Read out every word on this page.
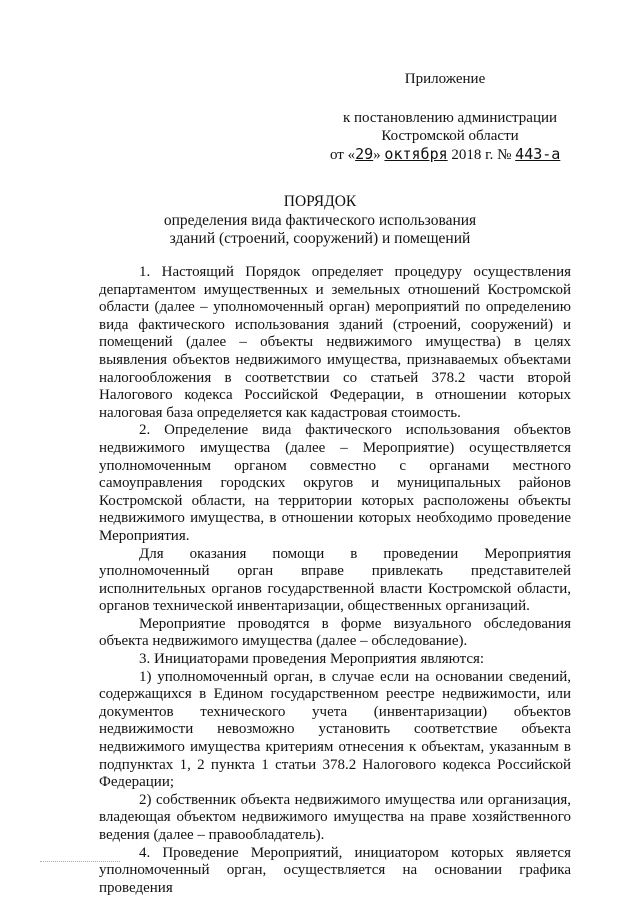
Приложение
к постановлению администрации
Костромской области
от «29» октября 2018 г. № 443-а
ПОРЯДОК
определения вида фактического использования
зданий (строений, сооружений) и помещений

1. Настоящий Порядок определяет процедуру осуществления департаментом имущественных и земельных отношений Костромской области (далее – уполномоченный орган) мероприятий по определению вида фактического использования зданий (строений, сооружений) и помещений (далее – объекты недвижимого имущества) в целях выявления объектов недвижимого имущества, признаваемых объектами налогообложения в соответствии со статьей 378.2 части второй Налогового кодекса Российской Федерации, в отношении которых налоговая база определяется как кадастровая стоимость.

2. Определение вида фактического использования объектов недвижимого имущества (далее – Мероприятие) осуществляется уполномоченным органом совместно с органами местного самоуправления городских округов и муниципальных районов Костромской области, на территории которых расположены объекты недвижимого имущества, в отношении которых необходимо проведение Мероприятия.

Для оказания помощи в проведении Мероприятия уполномоченный орган вправе привлекать представителей исполнительных органов государственной власти Костромской области, органов технической инвентаризации, общественных организаций.

Мероприятие проводятся в форме визуального обследования объекта недвижимого имущества (далее – обследование).

3. Инициаторами проведения Мероприятия являются:

1) уполномоченный орган, в случае если на основании сведений, содержащихся в Едином государственном реестре недвижимости, или документов технического учета (инвентаризации) объектов недвижимости невозможно установить соответствие объекта недвижимого имущества критериям отнесения к объектам, указанным в подпунктах 1, 2 пункта 1 статьи 378.2 Налогового кодекса Российской Федерации;

2) собственник объекта недвижимого имущества или организация, владеющая объектом недвижимого имущества на праве хозяйственного ведения (далее – правообладатель).

4. Проведение Мероприятий, инициатором которых является уполномоченный орган, осуществляется на основании графика проведения
